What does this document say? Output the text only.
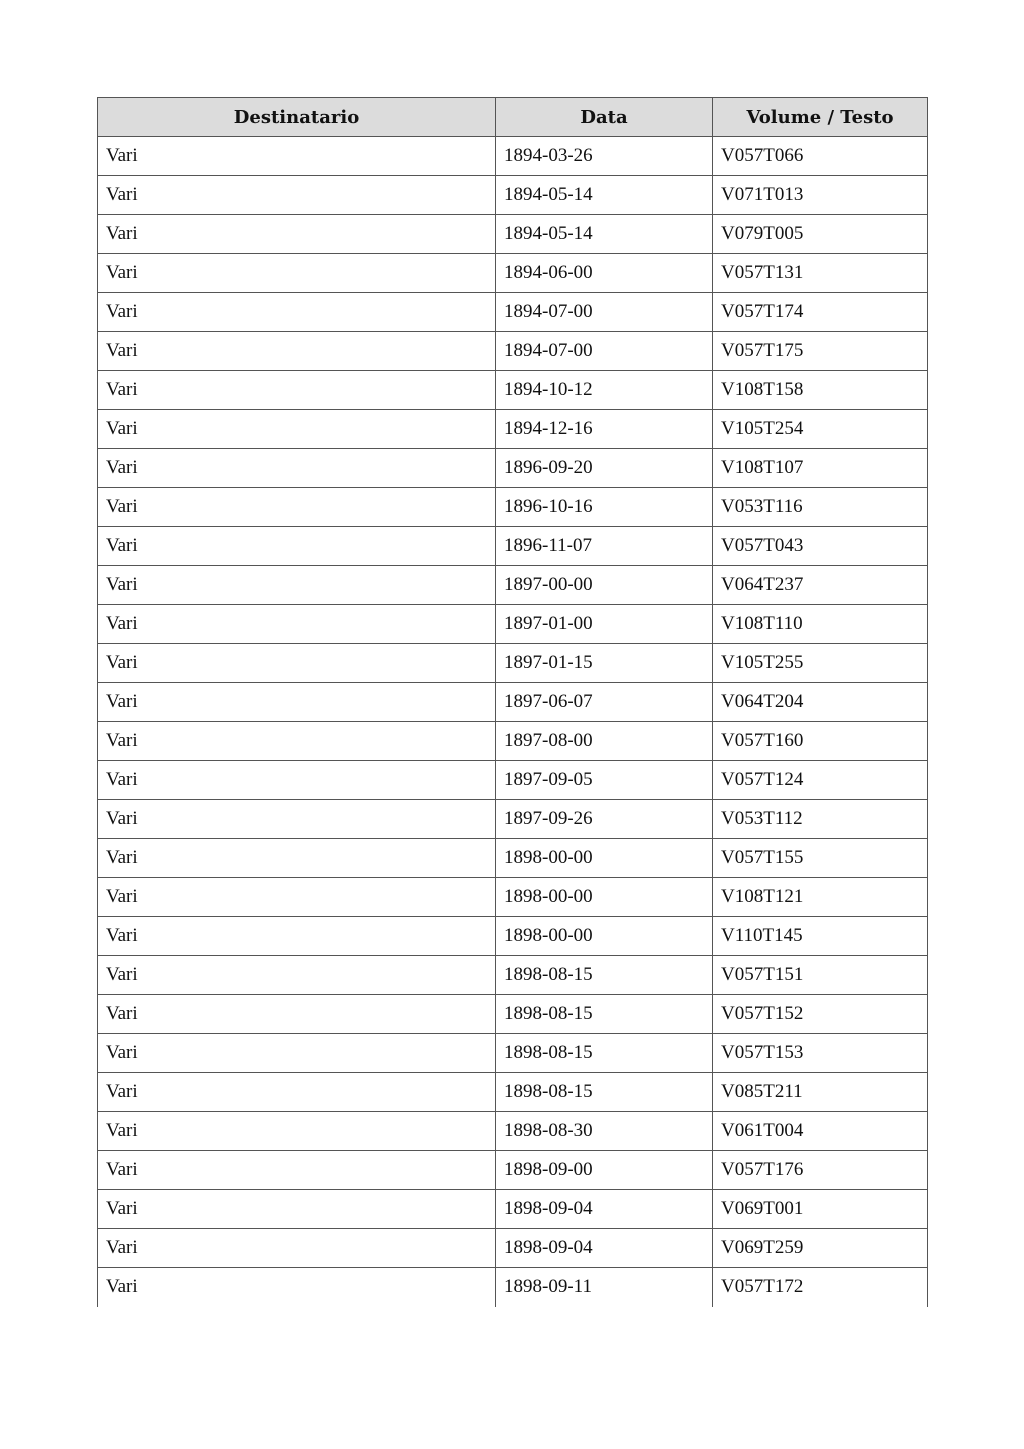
Destinatario	Data	Volume / Testo
Vari	1894-03-26	V057T066
Vari	1894-05-14	V071T013
Vari	1894-05-14	V079T005
Vari	1894-06-00	V057T131
Vari	1894-07-00	V057T174
Vari	1894-07-00	V057T175
Vari	1894-10-12	V108T158
Vari	1894-12-16	V105T254
Vari	1896-09-20	V108T107
Vari	1896-10-16	V053T116
Vari	1896-11-07	V057T043
Vari	1897-00-00	V064T237
Vari	1897-01-00	V108T110
Vari	1897-01-15	V105T255
Vari	1897-06-07	V064T204
Vari	1897-08-00	V057T160
Vari	1897-09-05	V057T124
Vari	1897-09-26	V053T112
Vari	1898-00-00	V057T155
Vari	1898-00-00	V108T121
Vari	1898-00-00	V110T145
Vari	1898-08-15	V057T151
Vari	1898-08-15	V057T152
Vari	1898-08-15	V057T153
Vari	1898-08-15	V085T211
Vari	1898-08-30	V061T004
Vari	1898-09-00	V057T176
Vari	1898-09-04	V069T001
Vari	1898-09-04	V069T259
Vari	1898-09-11	V057T172
